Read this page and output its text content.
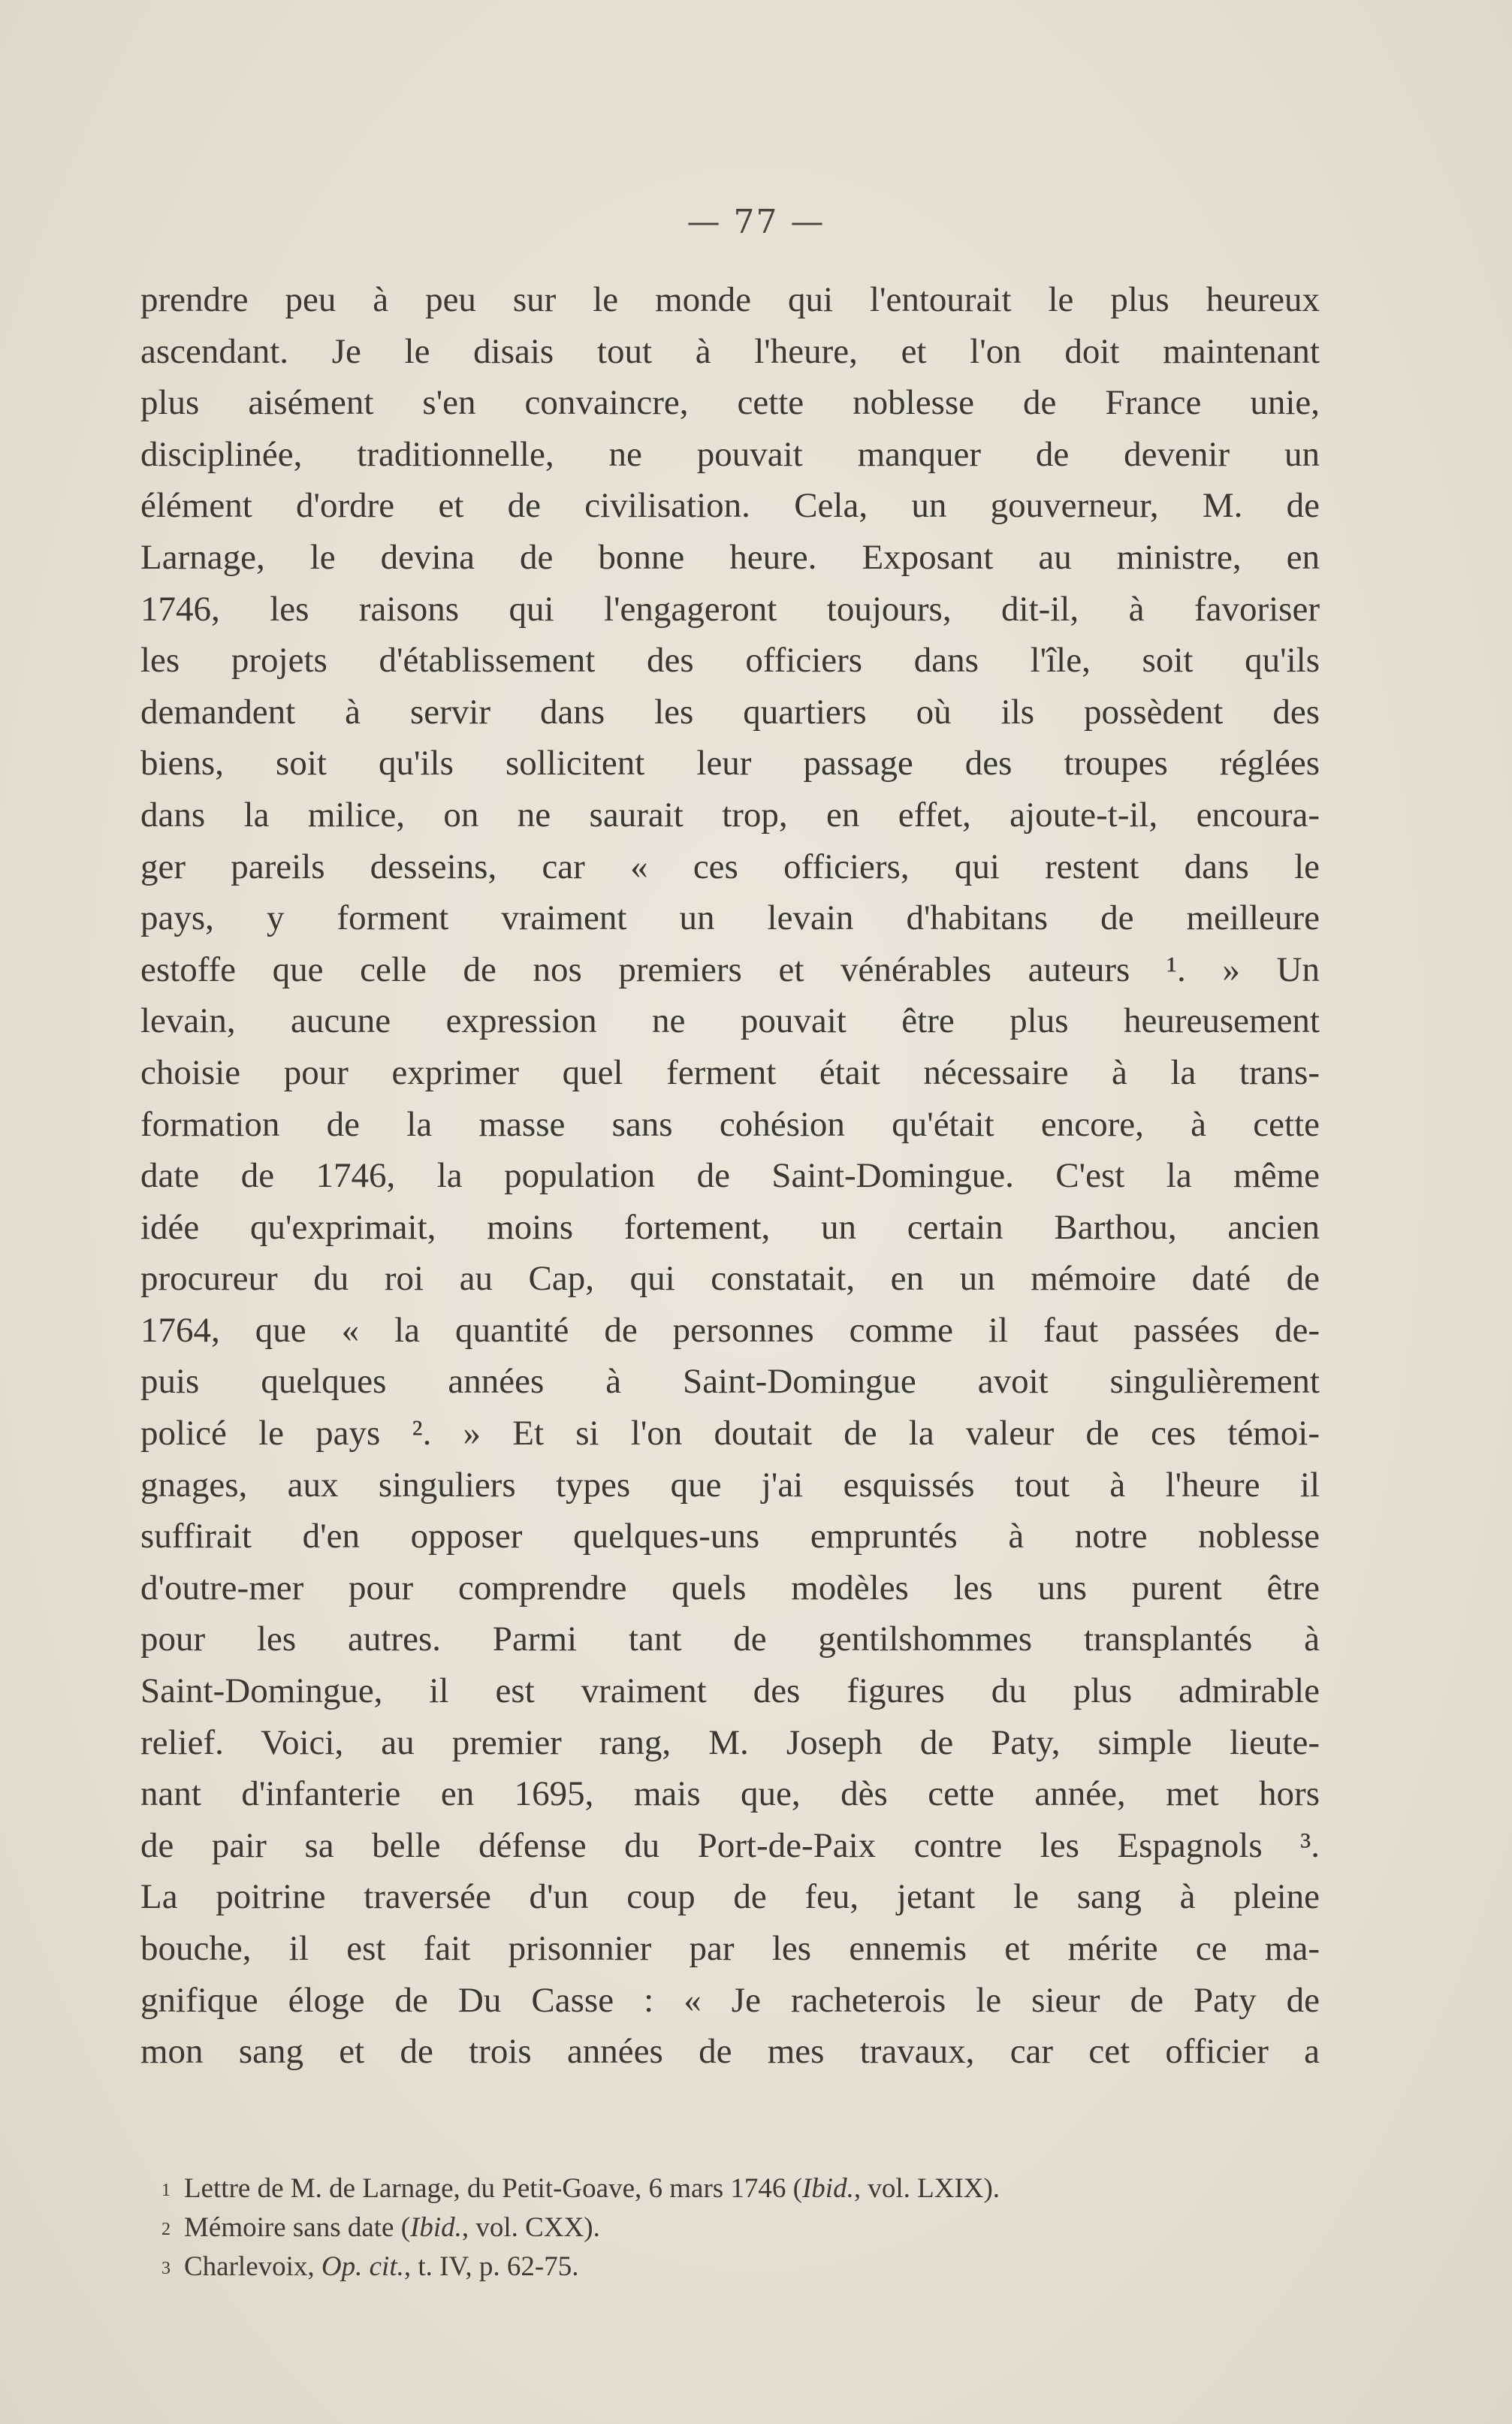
— 77 —
prendre peu à peu sur le monde qui l'entourait le plus heureux
ascendant. Je le disais tout à l'heure, et l'on doit maintenant
plus aisément s'en convaincre, cette noblesse de France unie,
disciplinée, traditionnelle, ne pouvait manquer de devenir un
élément d'ordre et de civilisation. Cela, un gouverneur, M. de
Larnage, le devina de bonne heure. Exposant au ministre, en
1746, les raisons qui l'engageront toujours, dit-il, à favoriser
les projets d'établissement des officiers dans l'île, soit qu'ils
demandent à servir dans les quartiers où ils possèdent des
biens, soit qu'ils sollicitent leur passage des troupes réglées
dans la milice, on ne saurait trop, en effet, ajoute-t-il, encoura-
ger pareils desseins, car « ces officiers, qui restent dans le
pays, y forment vraiment un levain d'habitans de meilleure
estoffe que celle de nos premiers et vénérables auteurs ¹. » Un
levain, aucune expression ne pouvait être plus heureusement
choisie pour exprimer quel ferment était nécessaire à la trans-
formation de la masse sans cohésion qu'était encore, à cette
date de 1746, la population de Saint-Domingue. C'est la même
idée qu'exprimait, moins fortement, un certain Barthou, ancien
procureur du roi au Cap, qui constatait, en un mémoire daté de
1764, que « la quantité de personnes comme il faut passées de-
puis quelques années à Saint-Domingue avoit singulièrement
policé le pays ². » Et si l'on doutait de la valeur de ces témoi-
gnages, aux singuliers types que j'ai esquissés tout à l'heure il
suffirait d'en opposer quelques-uns empruntés à notre noblesse
d'outre-mer pour comprendre quels modèles les uns purent être
pour les autres. Parmi tant de gentilshommes transplantés à
Saint-Domingue, il est vraiment des figures du plus admirable
relief. Voici, au premier rang, M. Joseph de Paty, simple lieute-
nant d'infanterie en 1695, mais que, dès cette année, met hors
de pair sa belle défense du Port-de-Paix contre les Espagnols ³.
La poitrine traversée d'un coup de feu, jetant le sang à pleine
bouche, il est fait prisonnier par les ennemis et mérite ce ma-
gnifique éloge de Du Casse : « Je racheterois le sieur de Paty de
mon sang et de trois années de mes travaux, car cet officier a
1 Lettre de M. de Larnage, du Petit-Goave, 6 mars 1746 (Ibid., vol. LXIX).
2 Mémoire sans date (Ibid., vol. CXX).
3 Charlevoix, Op. cit., t. IV, p. 62-75.
